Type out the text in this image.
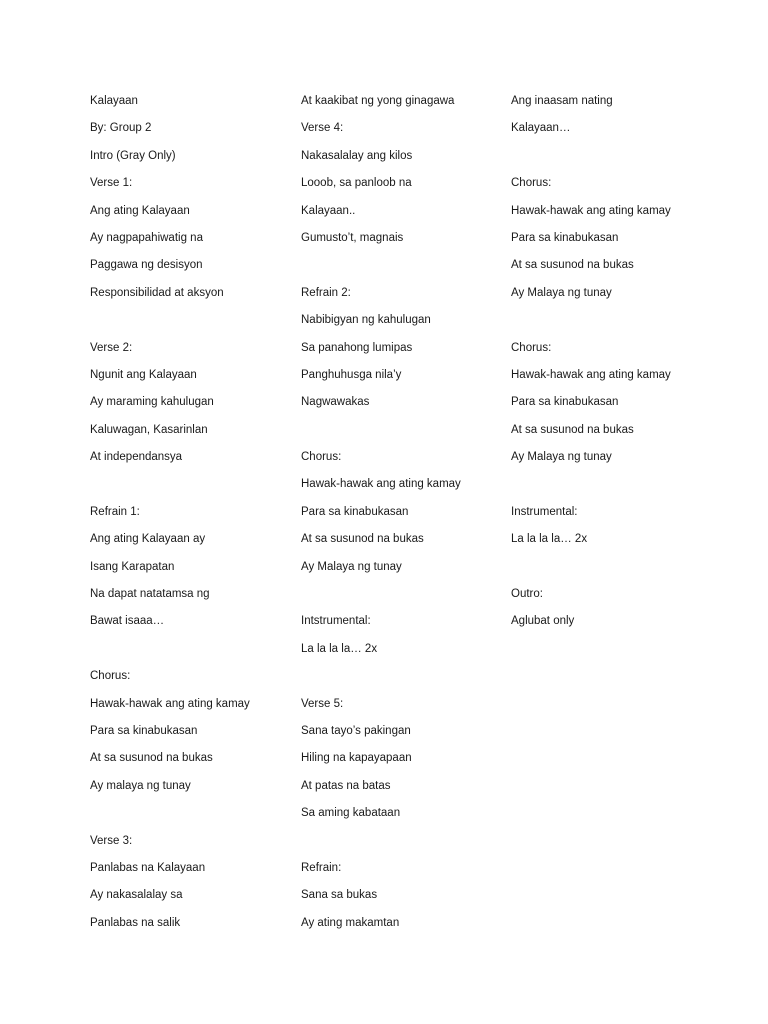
Kalayaan
By: Group 2
Intro (Gray Only)
Verse 1:
Ang ating Kalayaan
Ay nagpapahiwatig na
Paggawa ng desisyon
Responsibilidad at aksyon
Verse 2:
Ngunit ang Kalayaan
Ay maraming kahulugan
Kaluwagan, Kasarinlan
At independansya
Refrain 1:
Ang ating Kalayaan ay
Isang Karapatan
Na dapat natatamsa ng
Bawat isaaa…
Chorus:
Hawak-hawak ang ating kamay
Para sa kinabukasan
At sa susunod na bukas
Ay malaya ng tunay
Verse 3:
Panlabas na Kalayaan
Ay nakasalalay sa
Panlabas na salik
At kaakibat ng yong ginagawa
Verse 4:
Nakasalalay ang kilos
Looob, sa panloob na
Kalayaan..
Gumusto’t, magnais
Refrain 2:
Nabibigyan ng kahulugan
Sa panahong lumipas
Panghuhusga nila’y
Nagwawakas
Chorus:
Hawak-hawak ang ating kamay
Para sa kinabukasan
At sa susunod na bukas
Ay Malaya ng tunay
Intstrumental:
La la la la… 2x
Verse 5:
Sana tayo’s pakingan
Hiling na kapayapaan
At patas na batas
Sa aming kabataan
Refrain:
Sana sa bukas
Ay ating makamtan
Ang inaasam nating
Kalayaan…
Chorus:
Hawak-hawak ang ating kamay
Para sa kinabukasan
At sa susunod na bukas
Ay Malaya ng tunay
Chorus:
Hawak-hawak ang ating kamay
Para sa kinabukasan
At sa susunod na bukas
Ay Malaya ng tunay
Instrumental:
La la la la… 2x
Outro:
Aglubat only
